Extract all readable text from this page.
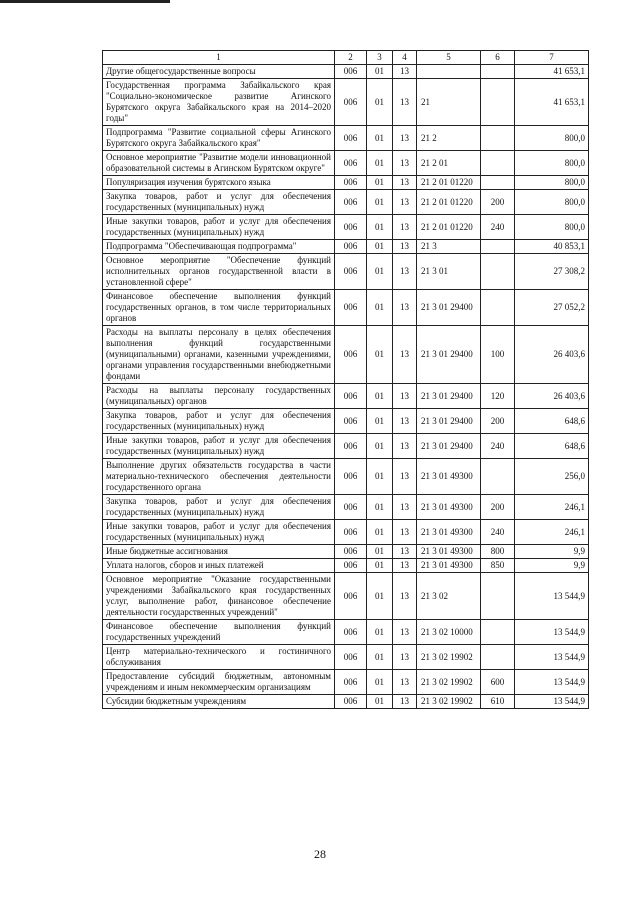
1	2	3	4	5	6	7
Другие общегосударственные вопросы	006	01	13			41 653,1
Государственная программа Забайкальского края "Социально-экономическое развитие Агинского Бурятского округа Забайкальского края на 2014–2020 годы"	006	01	13	21		41 653,1
Подпрограмма "Развитие социальной сферы Агинского Бурятского округа Забайкальского края"	006	01	13	21 2		800,0
Основное мероприятие "Развитие модели инновационной образовательной системы в Агинском Бурятском округе"	006	01	13	21 2 01		800,0
Популяризация изучения бурятского языка	006	01	13	21 2 01 01220		800,0
Закупка товаров, работ и услуг для обеспечения государственных (муниципальных) нужд	006	01	13	21 2 01 01220	200	800,0
Иные закупки товаров, работ и услуг для обеспечения государственных (муниципальных) нужд	006	01	13	21 2 01 01220	240	800,0
Подпрограмма "Обеспечивающая подпрограмма"	006	01	13	21 3		40 853,1
Основное мероприятие "Обеспечение функций исполнительных органов государственной власти в установленной сфере"	006	01	13	21 3 01		27 308,2
Финансовое обеспечение выполнения функций государственных органов, в том числе территориальных органов	006	01	13	21 3 01 29400		27 052,2
Расходы на выплаты персоналу в целях обеспечения выполнения функций государственными (муниципальными) органами, казенными учреждениями, органами управления государственными внебюджетными фондами	006	01	13	21 3 01 29400	100	26 403,6
Расходы на выплаты персоналу государственных (муниципальных) органов	006	01	13	21 3 01 29400	120	26 403,6
Закупка товаров, работ и услуг для обеспечения государственных (муниципальных) нужд	006	01	13	21 3 01 29400	200	648,6
Иные закупки товаров, работ и услуг для обеспечения государственных (муниципальных) нужд	006	01	13	21 3 01 29400	240	648,6
Выполнение других обязательств государства в части материально-технического обеспечения деятельности государственного органа	006	01	13	21 3 01 49300		256,0
Закупка товаров, работ и услуг для обеспечения государственных (муниципальных) нужд	006	01	13	21 3 01 49300	200	246,1
Иные закупки товаров, работ и услуг для обеспечения государственных (муниципальных) нужд	006	01	13	21 3 01 49300	240	246,1
Иные бюджетные ассигнования	006	01	13	21 3 01 49300	800	9,9
Уплата налогов, сборов и иных платежей	006	01	13	21 3 01 49300	850	9,9
Основное мероприятие "Оказание государственными учреждениями Забайкальского края государственных услуг, выполнение работ, финансовое обеспечение деятельности государственных учреждений"	006	01	13	21 3 02		13 544,9
Финансовое обеспечение выполнения функций государственных учреждений	006	01	13	21 3 02 10000		13 544,9
Центр материально-технического и гостиничного обслуживания	006	01	13	21 3 02 19902		13 544,9
Предоставление субсидий бюджетным, автономным учреждениям и иным некоммерческим организациям	006	01	13	21 3 02 19902	600	13 544,9
Субсидии бюджетным учреждениям	006	01	13	21 3 02 19902	610	13 544,9
28
